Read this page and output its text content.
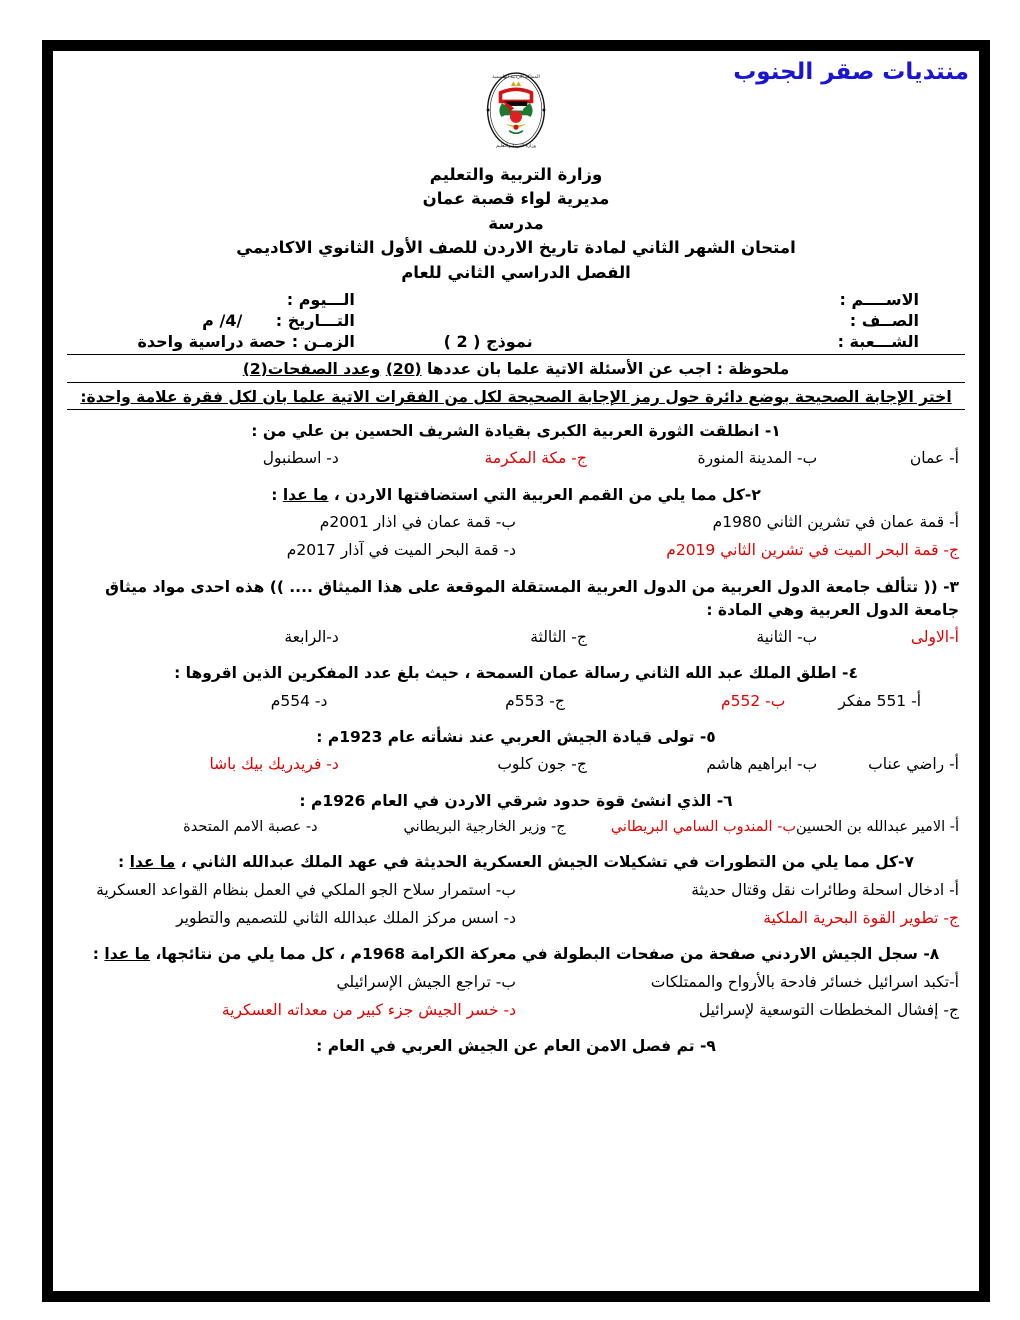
منتديات صقر الجنوب
المملكة الاردنية الهاشمية
وزارة التربية والتعليم
وزارة التربية والتعليم
مديرية لواء قصبة عمان
مدرسة
امتحان الشهر الثاني لمادة تاريخ الاردن للصف الأول الثانوي الاكاديمي
الفصل الدراسي الثاني للعام
الاســــم :		الـــيوم :
الصــف :		التـــاريخ :      /4/ م
الشـــعبة :	نموذج ( 2 )	الزمـن : حصة دراسية واحدة
ملحوظة : اجب عن الأسئلة الاتية علما بان عددها (20) وعدد الصفحات(2)
اختر الإجابة الصحيحة بوضع دائرة حول رمز الإجابة الصحيحة لكل من الفقرات الاتية علما بان لكل فقرة علامة واحدة:
١- انطلقت الثورة العربية الكبرى بقيادة الشريف الحسين بن علي من :
أ- عمان
ب- المدينة المنورة
ج- مكة المكرمة
د- اسطنبول
٢-كل مما يلي من القمم العربية التي استضافتها الاردن ، ما عدا :
أ- قمة عمان في تشرين الثاني 1980م
ب- قمة عمان في اذار 2001م
ج- قمة البحر الميت في تشرين الثاني 2019م
د- قمة البحر الميت في آذار 2017م
٣- (( تتألف جامعة الدول العربية من الدول العربية المستقلة الموقعة على هذا الميثاق .... )) هذه احدى مواد ميثاق جامعة الدول العربية وهي المادة :
أ-الاولى
ب- الثانية
ج- الثالثة
د-الرابعة
٤- اطلق الملك عبد الله الثاني رسالة عمان السمحة ، حيث بلغ عدد المفكرين الذين اقروها :
أ- 551 مفكر
ب- 552م
ج- 553م
د- 554م
٥- تولى قيادة الجيش العربي عند نشأته عام 1923م :
أ- راضي عناب
ب- ابراهيم هاشم
ج- جون كلوب
د- فريدريك بيك باشا
٦- الذي انشئ قوة حدود شرقي الاردن في العام 1926م :
أ- الامير عبدالله بن الحسين
ب- المندوب السامي البريطاني
ج- وزير الخارجية البريطاني
د- عصبة الامم المتحدة
٧-كل مما يلي من التطورات في تشكيلات الجيش العسكرية الحديثة في عهد الملك عبدالله الثاني ، ما عدا :
أ- ادخال اسحلة وطائرات نقل وقتال حديثة
ب- استمرار سلاح الجو الملكي في العمل بنظام القواعد العسكرية
ج- تطوير القوة البحرية الملكية
د- اسس مركز الملك عبدالله الثاني للتصميم والتطوير
٨- سجل الجيش الاردني صفحة من صفحات البطولة في معركة الكرامة 1968م ، كل مما يلي من نتائجها، ما عدا :
أ-تكبد اسرائيل خسائر فادحة بالأرواح والممتلكات
ب- تراجع الجيش الإسرائيلي
ج- إفشال المخططات التوسعية لإسرائيل
د- خسر الجيش جزء كبير من معداته العسكرية
٩- تم فصل الامن العام عن الجيش العربي في العام :
